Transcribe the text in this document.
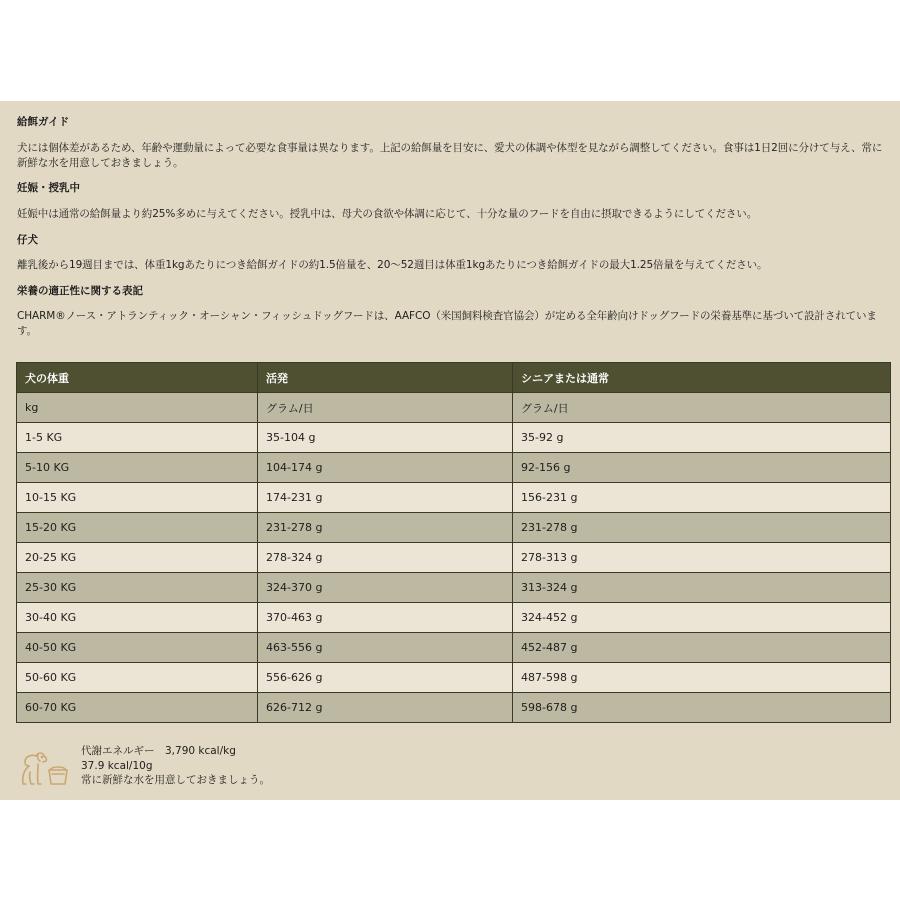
給餌ガイド

犬には個体差があるため、年齢や運動量によって必要な食事量は異なります。上記の給餌量を目安に、愛犬の体調や体型を見ながら調整してください。食事は1日2回に分けて与え、常に新鮮な水を用意しておきましょう。

妊娠・授乳中

妊娠中は通常の給餌量より約25%多めに与えてください。授乳中は、母犬の食欲や体調に応じて、十分な量のフードを自由に摂取できるようにしてください。

仔犬

離乳後から19週目までは、体重1kgあたりにつき給餌ガイドの約1.5倍量を、20〜52週目は体重1kgあたりにつき給餌ガイドの最大1.25倍量を与えてください。

栄養の適正性に関する表記

CHARM®ノース・アトランティック・オーシャン・フィッシュドッグフードは、AAFCO（米国飼料検査官協会）が定める全年齢向けドッグフードの栄養基準に基づいて設計されています。

犬の体重	活発	シニアまたは通常
kg	グラム/日	グラム/日
1-5 KG	35-104 g	35-92 g
5-10 KG	104-174 g	92-156 g
10-15 KG	174-231 g	156-231 g
15-20 KG	231-278 g	231-278 g
20-25 KG	278-324 g	278-313 g
25-30 KG	324-370 g	313-324 g
30-40 KG	370-463 g	324-452 g
40-50 KG	463-556 g	452-487 g
50-60 KG	556-626 g	487-598 g
60-70 KG	626-712 g	598-678 g
代謝エネルギー　3,790 kcal/kg
37.9 kcal/10g
常に新鮮な水を用意しておきましょう。
